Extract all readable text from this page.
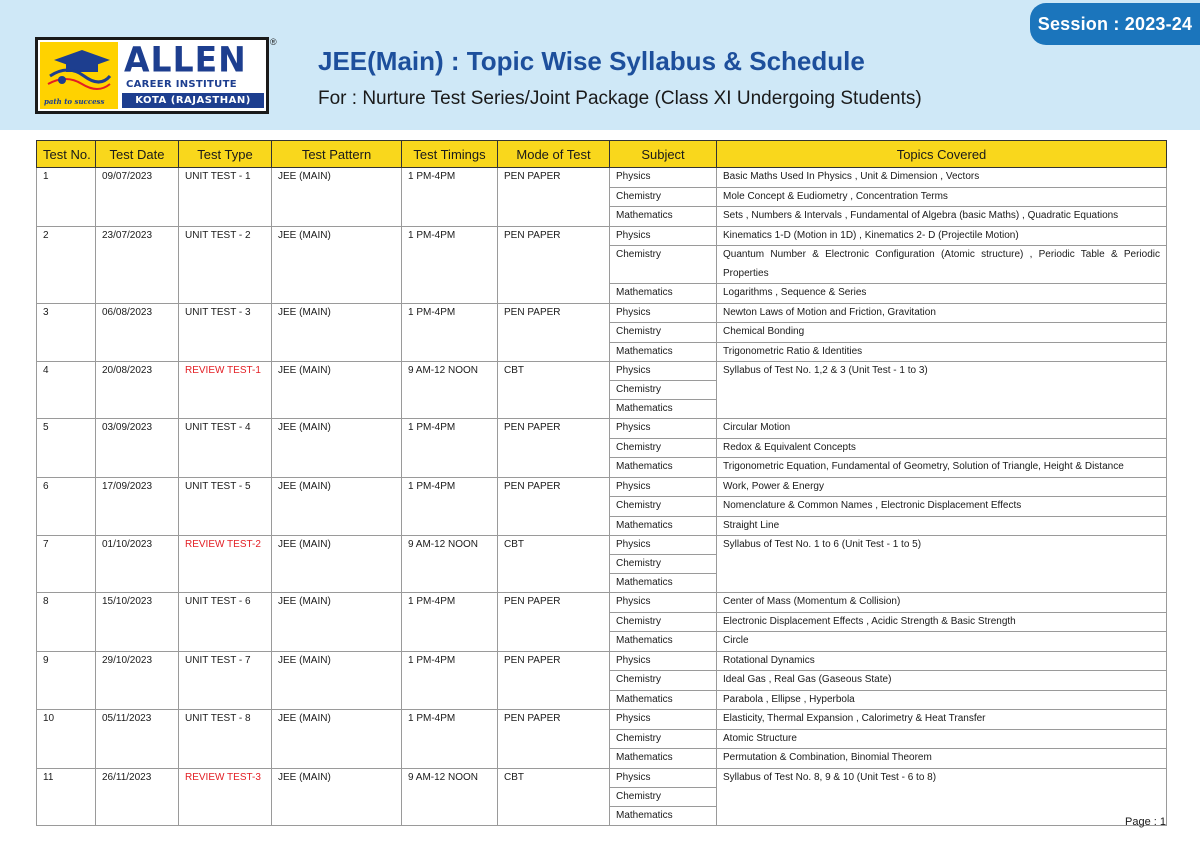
Session : 2023-24
path to success
ALLEN
CAREER INSTITUTE
KOTA (RAJASTHAN)
®
JEE(Main) : Topic Wise Syllabus & Schedule
For : Nurture Test Series/Joint Package (Class XI Undergoing Students)
Test No.	Test Date	Test Type	Test Pattern	Test Timings	Mode of Test	Subject	Topics Covered
1	09/07/2023	UNIT TEST - 1	JEE (MAIN)	1 PM-4PM	PEN PAPER	Physics	Basic Maths Used In Physics , Unit & Dimension , Vectors
						Chemistry	Mole Concept & Eudiometry , Concentration Terms
						Mathematics	Sets , Numbers & Intervals , Fundamental of Algebra (basic Maths) , Quadratic Equations
2	23/07/2023	UNIT TEST - 2	JEE (MAIN)	1 PM-4PM	PEN PAPER	Physics	Kinematics 1-D (Motion in 1D) , Kinematics 2- D (Projectile Motion)
						Chemistry	Quantum Number & Electronic Configuration (Atomic structure) , Periodic Table & Periodic Properties
						Mathematics	Logarithms , Sequence & Series
3	06/08/2023	UNIT TEST - 3	JEE (MAIN)	1 PM-4PM	PEN PAPER	Physics	Newton Laws of Motion and Friction, Gravitation
						Chemistry	Chemical Bonding
						Mathematics	Trigonometric Ratio & Identities
4	20/08/2023	REVIEW TEST-1	JEE (MAIN)	9 AM-12 NOON	CBT	Physics	Syllabus of Test No. 1,2 & 3 (Unit Test - 1 to 3)
						Chemistry	
						Mathematics	
5	03/09/2023	UNIT TEST - 4	JEE (MAIN)	1 PM-4PM	PEN PAPER	Physics	Circular Motion
						Chemistry	Redox & Equivalent Concepts
						Mathematics	Trigonometric Equation, Fundamental of Geometry, Solution of Triangle, Height & Distance
6	17/09/2023	UNIT TEST - 5	JEE (MAIN)	1 PM-4PM	PEN PAPER	Physics	Work, Power & Energy
						Chemistry	Nomenclature & Common Names , Electronic Displacement Effects
						Mathematics	Straight Line
7	01/10/2023	REVIEW TEST-2	JEE (MAIN)	9 AM-12 NOON	CBT	Physics	Syllabus of Test No. 1 to 6 (Unit Test - 1 to 5)
						Chemistry	
						Mathematics	
8	15/10/2023	UNIT TEST - 6	JEE (MAIN)	1 PM-4PM	PEN PAPER	Physics	Center of Mass (Momentum & Collision)
						Chemistry	Electronic Displacement Effects , Acidic Strength & Basic Strength
						Mathematics	Circle
9	29/10/2023	UNIT TEST - 7	JEE (MAIN)	1 PM-4PM	PEN PAPER	Physics	Rotational Dynamics
						Chemistry	Ideal Gas , Real Gas (Gaseous State)
						Mathematics	Parabola , Ellipse , Hyperbola
10	05/11/2023	UNIT TEST - 8	JEE (MAIN)	1 PM-4PM	PEN PAPER	Physics	Elasticity, Thermal Expansion , Calorimetry & Heat Transfer
						Chemistry	Atomic Structure
						Mathematics	Permutation & Combination, Binomial Theorem
11	26/11/2023	REVIEW TEST-3	JEE (MAIN)	9 AM-12 NOON	CBT	Physics	Syllabus of Test No. 8, 9 & 10 (Unit Test - 6 to 8)
						Chemistry	
						Mathematics	
Page : 1
